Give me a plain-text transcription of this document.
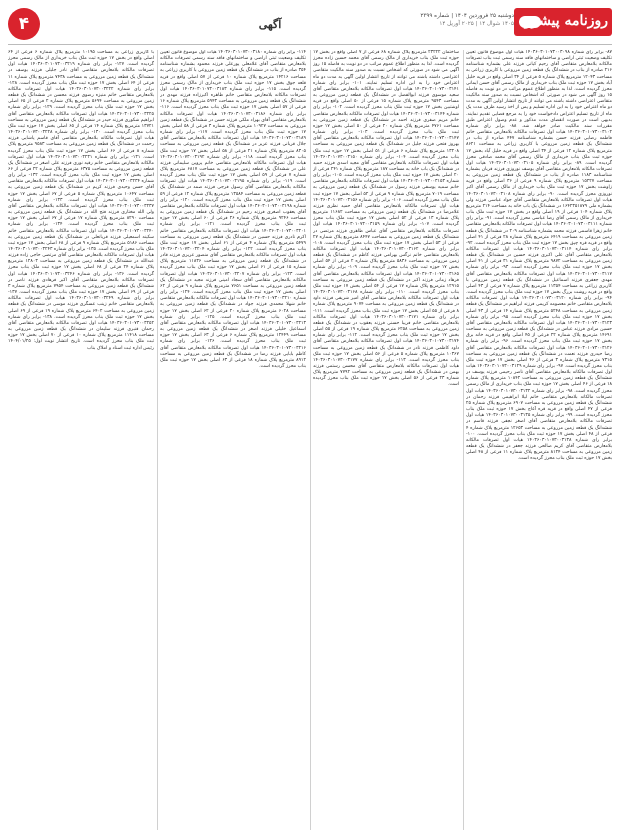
۴	آگهی
دوشنبه ۲۵ فروردین ۱۴۰۴ | شماره ۲۳۹۹
۱۴۰۵ شوال ۱۴ | ۲۰۲۵ آوریل ۱۴ روزنامه پیشرو

۸۷- برابر رای شماره ۱۴۰۳۶۰۳۰۱۰۷۳۰۰۳۰۹۸ هیات اول موضوع قانون تعیین تکلیف وضعیت ثبتی اراضی و ساختمانهای فاقد سند رسمی ثبت بناب تصرفات مالکانه بلامعارض متقاضی آقای رحیم کیانی فرزند علی بشماره شناسنامه ۲۱۶ صادره از بناب در ششدانگ یک قطعه زمین مزروعی با کاربری زراعی به مساحت ۱۲۰۴۳ مترمربع پلاک شماره ۵ فرعی از ۳۴ اصلی واقع در قریه خلیل آباد بخش ۱۷ حوزه ثبت ملک بناب خریداری از مالک رسمی آقای حسن ایمانی محرز گردیده است. لذا به منظور اطلاع عموم مراتب در دو نوبت به فاصله ۱۵ روز آگهی می شود در صورتی که اشخاص نسبت به صدور سند مالکیت متقاضی اعتراضی داشته باشند می توانند از تاریخ انتشار اولین آگهی به مدت دو ماه اعتراض خود را به این اداره تسلیم و پس از اخذ رسید ظرف مدت یک ماه از تاریخ تسلیم اعتراض دادخواست خود را به مرجع قضایی تقدیم نمایند. بدیهی است در صورت انقضای مدت مذکور و عدم وصول اعتراض طبق مقررات سند مالکیت صادر خواهد شد. ۸۸- برابر رای شماره ۱۴۰۳۶۰۳۰۱۰۷۳۰۰۳۱۰۲ هیات اول تصرفات مالکانه بلامعارض متقاضی خانم فاطمه رضایی فرزند حسن بشماره شناسنامه ۴۴۷ صادره از بناب در ششدانگ یک قطعه زمین مزروعی با کاربری زراعی به مساحت ۸۶۲۱ مترمربع پلاک شماره ۱۲ فرعی از ۳۴ اصلی واقع در قریه خلیل آباد بخش ۱۷ حوزه ثبت ملک بناب خریداری از مالک رسمی آقای محمد صادقی محرز گردیده است. ۸۹- برابر رای شماره ۱۴۰۳۶۰۳۰۱۰۷۳۰۰۳۱۰۵ هیات اول تصرفات مالکانه بلامعارض متقاضی آقای یوسف نوروزی فرزند قربان بشماره شناسنامه ۱۱۸۳ صادره از بناب در ششدانگ یک قطعه زمین مزروعی به مساحت ۱۵۲۲۷ مترمربع پلاک شماره ۹ فرعی از ۳۶ اصلی واقع در قریه زاوشت بخش ۱۷ حوزه ثبت ملک بناب خریداری از مالک رسمی آقای اکبر نوروزی محرز گردیده است. ۹۰- برابر رای شماره ۱۴۰۳۶۰۳۰۱۰۷۳۰۰۳۱۰۸ هیات اول تصرفات مالکانه بلامعارض متقاضی آقای جواد عباسی فرزند ولی بشماره ملی ۱۶۴۲۳۵۱۸۷۹ در ششدانگ یک باب خانه به مساحت ۲۱۴ مترمربع پلاک شماره ۱۰۴ فرعی از ۱۹ اصلی واقع در بخش ۱۷ حوزه ثبت ملک بناب خریداری از مالک رسمی آقای رضا عباسی محرز گردیده است. ۹۱- برابر رای شماره ۱۴۰۳۶۰۳۰۱۰۷۳۰۰۳۱۱۱ هیات اول تصرفات مالکانه بلامعارض متقاضی خانم زهرا قاسمی فرزند محمد بشماره شناسنامه ۲۰۹ در ششدانگ یک قطعه زمین مزروعی به مساحت ۶۴۱۹ مترمربع پلاک شماره ۲۸ فرعی از ۴۱ اصلی واقع در قریه قره چپق بخش ۱۷ حوزه ثبت ملک بناب محرز گردیده است. ۹۲- برابر رای شماره ۱۴۰۳۶۰۳۰۱۰۷۳۰۰۳۱۱۴ هیات اول تصرفات مالکانه بلامعارض متقاضی آقای علی اکبری فرزند حسین در ششدانگ یک قطعه زمین مزروعی به مساحت ۹۸۷۲ مترمربع پلاک شماره ۳۱ فرعی از ۴۱ اصلی بخش ۱۷ حوزه ثبت ملک بناب محرز گردیده است. ۹۳- برابر رای شماره ۱۴۰۳۶۰۳۰۱۰۷۳۰۰۳۱۱۷ هیات اول تصرفات مالکانه بلامعارض متقاضی آقای مهدی جعفری فرزند اسماعیل در ششدانگ یک قطعه زمین مزروعی با کاربری زراعی به مساحت ۱۱۳۵۴ مترمربع پلاک شماره ۷ فرعی از ۴۳ اصلی واقع در قریه روشت بزرگ بخش ۱۷ حوزه ثبت ملک بناب محرز گردیده است. ۹۴- برابر رای شماره ۱۴۰۳۶۰۳۰۱۰۷۳۰۰۳۱۲۰ هیات اول تصرفات مالکانه بلامعارض متقاضی خانم معصومه کریمی فرزند ابراهیم در ششدانگ یک قطعه زمین مزروعی به مساحت ۵۲۴۸ مترمربع پلاک شماره ۱۴ فرعی از ۴۳ اصلی بخش ۱۷ حوزه ثبت ملک بناب محرز گردیده است. ۹۵- برابر رای شماره ۱۴۰۳۶۰۳۰۱۰۷۳۰۰۳۱۲۳ هیات اول تصرفات مالکانه بلامعارض متقاضی آقای حسین مرادی فرزند عباس در ششدانگ یک قطعه زمین مزروعی به مساحت ۱۴۶۹۱ مترمربع پلاک شماره ۲۲ فرعی از ۴۵ اصلی واقع در قریه خانه برق بخش ۱۷ حوزه ثبت ملک بناب محرز گردیده است. ۹۶- برابر رای شماره ۱۴۰۳۶۰۳۰۱۰۷۳۰۰۳۱۲۶ هیات اول تصرفات مالکانه بلامعارض متقاضی آقای رضا حیدری فرزند نعمت در ششدانگ یک قطعه زمین مزروعی به مساحت ۷۳۱۵ مترمربع پلاک شماره ۳ فرعی از ۴۶ اصلی بخش ۱۷ حوزه ثبت ملک بناب محرز گردیده است. ۹۷- برابر رای شماره ۱۴۰۳۶۰۳۰۱۰۷۳۰۰۳۱۲۹ هیات اول تصرفات مالکانه بلامعارض متقاضی آقای ناصر رحیمی فرزند یوسف در ششدانگ یک قطعه زمین مزروعی به مساحت ۱۰۸۴۲ مترمربع پلاک شماره ۱۸ فرعی از ۴۶ اصلی بخش ۱۷ حوزه ثبت ملک بناب خریداری از مالک رسمی محرز گردیده است. ۹۸- برابر رای شماره ۱۴۰۳۶۰۳۰۱۰۷۳۰۰۳۱۳۲ هیات اول تصرفات مالکانه بلامعارض متقاضی خانم لیلا ابراهیمی فرزند رحمان در ششدانگ یک قطعه زمین مزروعی به مساحت ۶۹۰۷ مترمربع پلاک شماره ۲۵ فرعی از ۴۷ اصلی واقع در قریه قره آغاج بخش ۱۷ حوزه ثبت ملک بناب محرز گردیده است. ۹۹- برابر رای شماره ۱۴۰۳۶۰۳۰۱۰۷۳۰۰۳۱۳۵ هیات اول تصرفات مالکانه بلامعارض متقاضی آقای اصغر نجفی فرزند قاسم در ششدانگ یک قطعه زمین مزروعی به مساحت ۱۲۶۵۳ مترمربع پلاک شماره ۴ فرعی از ۴۸ اصلی بخش ۱۷ حوزه ثبت ملک بناب محرز گردیده است. ۱۰۰- برابر رای شماره ۱۴۰۳۶۰۳۰۱۰۷۳۰۰۳۱۳۸ هیات اول تصرفات مالکانه بلامعارض متقاضی آقای کریم صالحی فرزند جعفر در ششدانگ یک قطعه زمین مزروعی به مساحت ۸۱۲۴ مترمربع پلاک شماره ۱۱ فرعی از ۴۸ اصلی بخش ۱۷ حوزه ثبت ملک بناب محرز گردیده است.

ساختمان ۲۳۲۲۲ مترمربع پلاک شماره ۶۸ فرعی از ۷ اصلی واقع در بخش ۱۷ حوزه ثبت ملک بناب خریداری از مالک رسمی آقای محمد حسین زاده محرز گردیده است. لذا به منظور اطلاع عموم مراتب در دو نوبت به فاصله ۱۵ روز آگهی می شود در صورتی که اشخاص نسبت به صدور سند مالکیت متقاضی اعتراضی داشته باشند می توانند از تاریخ انتشار اولین آگهی به مدت دو ماه اعتراض خود را به این اداره تسلیم نمایند. ۱۰۱- برابر رای شماره ۱۴۰۳۶۰۳۰۱۰۷۳۰۰۳۱۴۱ هیات اول تصرفات مالکانه بلامعارض متقاضی آقای سعید موسوی فرزند ابوالفضل در ششدانگ یک قطعه زمین مزروعی به مساحت ۹۵۴۳ مترمربع پلاک شماره ۱۵ فرعی از ۵۰ اصلی واقع در قریه اوشتبین بخش ۱۷ حوزه ثبت ملک بناب محرز گردیده است. ۱۰۲- برابر رای شماره ۱۴۰۳۶۰۳۰۱۰۷۳۰۰۳۱۴۴ هیات اول تصرفات مالکانه بلامعارض متقاضی خانم مریم صفری فرزند احمد در ششدانگ یک قطعه زمین مزروعی به مساحت ۴۷۶۱ مترمربع پلاک شماره ۲۰ فرعی از ۵۰ اصلی بخش ۱۷ حوزه ثبت ملک بناب محرز گردیده است. ۱۰۳- برابر رای شماره ۱۴۰۳۶۰۳۰۱۰۷۳۰۰۳۱۴۷ هیات اول تصرفات مالکانه بلامعارض متقاضی آقای بهروز فتحی فرزند جلیل در ششدانگ یک قطعه زمین مزروعی به مساحت ۱۳۲۰۸ مترمربع پلاک شماره ۶ فرعی از ۵۱ اصلی بخش ۱۷ حوزه ثبت ملک بناب محرز گردیده است. ۱۰۴- برابر رای شماره ۱۴۰۳۶۰۳۰۱۰۷۳۰۰۳۱۵۰ هیات اول تصرفات مالکانه بلامعارض متقاضی آقای مجید اسدی فرزند حمید در ششدانگ یک باب خانه به مساحت ۱۸۷ مترمربع پلاک شماره ۲۴۱ فرعی از ۲۰ اصلی بخش ۱۷ حوزه ثبت ملک بناب محرز گردیده است. ۱۰۵- برابر رای شماره ۱۴۰۳۶۰۳۰۱۰۷۳۰۰۳۱۵۳ هیات اول تصرفات مالکانه بلامعارض متقاضی خانم سمیه یوسفی فرزند رسول در ششدانگ یک قطعه زمین مزروعی به مساحت ۷۰۱۹ مترمربع پلاک شماره ۹ فرعی از ۵۲ اصلی بخش ۱۷ حوزه ثبت ملک بناب محرز گردیده است. ۱۰۶- برابر رای شماره ۱۴۰۳۶۰۳۰۱۰۷۳۰۰۳۱۵۶ هیات اول تصرفات مالکانه بلامعارض متقاضی آقای حمید نظری فرزند غلامرضا در ششدانگ یک قطعه زمین مزروعی به مساحت ۱۱۶۸۲ مترمربع پلاک شماره ۱۳ فرعی از ۵۲ اصلی بخش ۱۷ حوزه ثبت ملک بناب محرز گردیده است. ۱۰۷- برابر رای شماره ۱۴۰۳۶۰۳۰۱۰۷۳۰۰۳۱۵۹ هیات اول تصرفات مالکانه بلامعارض متقاضی آقای عباس طاهری فرزند مرتضی در ششدانگ یک قطعه زمین مزروعی به مساحت ۸۴۴۷ مترمربع پلاک شماره ۲۷ فرعی از ۵۳ اصلی بخش ۱۷ حوزه ثبت ملک بناب محرز گردیده است. ۱۰۸- برابر رای شماره ۱۴۰۳۶۰۳۰۱۰۷۳۰۰۳۱۶۲ هیات اول تصرفات مالکانه بلامعارض متقاضی خانم نرگس بهرامی فرزند کاظم در ششدانگ یک قطعه زمین مزروعی به مساحت ۵۸۳۶ مترمربع پلاک شماره ۲ فرعی از ۵۴ اصلی بخش ۱۷ حوزه ثبت ملک بناب محرز گردیده است. ۱۰۹- برابر رای شماره ۱۴۰۳۶۰۳۰۱۰۷۳۰۰۳۱۶۵ هیات اول تصرفات مالکانه بلامعارض متقاضی آقای فرهاد زمانی فرزند اکبر در ششدانگ یک قطعه زمین مزروعی به مساحت ۱۲۹۱۵ مترمربع پلاک شماره ۱۷ فرعی از ۵۴ اصلی بخش ۱۷ حوزه ثبت ملک بناب محرز گردیده است. ۱۱۰- برابر رای شماره ۱۴۰۳۶۰۳۰۱۰۷۳۰۰۳۱۶۸ هیات اول تصرفات مالکانه بلامعارض متقاضی آقای امیر شریفی فرزند داود در ششدانگ یک قطعه زمین مزروعی به مساحت ۹۰۷۴ مترمربع پلاک شماره ۸ فرعی از ۵۵ اصلی بخش ۱۷ حوزه ثبت ملک بناب محرز گردیده است. ۱۱۱- برابر رای شماره ۱۴۰۳۶۰۳۰۱۰۷۳۰۰۳۱۷۱ هیات اول تصرفات مالکانه بلامعارض متقاضی خانم فریبا حسنی فرزند یعقوب در ششدانگ یک قطعه زمین مزروعی به مساحت ۶۲۵۸ مترمربع پلاک شماره ۱۹ فرعی از ۵۵ اصلی بخش ۱۷ حوزه ثبت ملک بناب محرز گردیده است. ۱۱۲- برابر رای شماره ۱۴۰۳۶۰۳۰۱۰۷۳۰۰۳۱۷۴ هیات اول تصرفات مالکانه بلامعارض متقاضی آقای داود کاظمی فرزند نادر در ششدانگ یک قطعه زمین مزروعی به مساحت ۱۰۳۶۷ مترمربع پلاک شماره ۵ فرعی از ۵۶ اصلی بخش ۱۷ حوزه ثبت ملک بناب محرز گردیده است. ۱۱۳- برابر رای شماره ۱۴۰۳۶۰۳۰۱۰۷۳۰۰۳۱۷۷ هیات اول تصرفات مالکانه بلامعارض متقاضی آقای محسن رستمی فرزند بهمن در ششدانگ یک قطعه زمین مزروعی به مساحت ۷۷۹۲ مترمربع پلاک شماره ۲۳ فرعی از ۵۶ اصلی بخش ۱۷ حوزه ثبت ملک بناب محرز گردیده است.

۱۱۴- برابر رای شماره ۱۴۰۳۶۰۳۰۱۰۷۳۰۰۳۱۸۰ هیات اول موضوع قانون تعیین تکلیف وضعیت ثبتی اراضی و ساختمانهای فاقد سند رسمی تصرفات مالکانه بلامعارض متقاضی آقای غلامعلی پورعلی فرزند محمود بشماره شناسنامه ۳۵۴ صادره از بناب در ششدانگ یک قطعه زمین مزروعی با کاربری زراعی به مساحت ۱۴۲۱۶ مترمربع پلاک شماره ۱۰ فرعی از ۵۷ اصلی واقع در قریه قلعه جوق بخش ۱۷ حوزه ثبت ملک بناب خریداری از مالک رسمی محرز گردیده است. ۱۱۵- برابر رای شماره ۱۴۰۳۶۰۳۰۱۰۷۳۰۰۳۱۸۳ هیات اول تصرفات مالکانه بلامعارض متقاضی خانم طاهره اکبرزاده فرزند مهدی در ششدانگ یک قطعه زمین مزروعی به مساحت ۵۹۴۳ مترمربع پلاک شماره ۱۶ فرعی از ۵۷ اصلی بخش ۱۷ حوزه ثبت ملک بناب محرز گردیده است. ۱۱۶- برابر رای شماره ۱۴۰۳۶۰۳۰۱۰۷۳۰۰۳۱۸۶ هیات اول تصرفات مالکانه بلامعارض متقاضی آقای بهزاد ملکی فرزند حسن در ششدانگ یک قطعه زمین مزروعی به مساحت ۱۰۹۲۷ مترمربع پلاک شماره ۳ فرعی از ۵۸ اصلی بخش ۱۷ حوزه ثبت ملک بناب محرز گردیده است. ۱۱۷- برابر رای شماره ۱۴۰۳۶۰۳۰۱۰۷۳۰۰۳۱۸۹ هیات اول تصرفات مالکانه بلامعارض متقاضی آقای جلال قربانی فرزند عزیز در ششدانگ یک قطعه زمین مزروعی به مساحت ۸۳۰۵ مترمربع پلاک شماره ۲۱ فرعی از ۵۸ اصلی بخش ۱۷ حوزه ثبت ملک بناب محرز گردیده است. ۱۱۸- برابر رای شماره ۱۴۰۳۶۰۳۰۱۰۷۳۰۰۳۱۹۲ هیات اول تصرفات مالکانه بلامعارض متقاضی خانم پروین سلیمانی فرزند علی در ششدانگ یک قطعه زمین مزروعی به مساحت ۶۸۱۷ مترمربع پلاک شماره ۷ فرعی از ۵۹ اصلی بخش ۱۷ حوزه ثبت ملک بناب محرز گردیده است. ۱۱۹- برابر رای شماره ۱۴۰۳۶۰۳۰۱۰۷۳۰۰۳۱۹۵ هیات اول تصرفات مالکانه بلامعارض متقاضی آقای رسول فرجی فرزند صمد در ششدانگ یک قطعه زمین مزروعی به مساحت ۱۳۵۸۴ مترمربع پلاک شماره ۱۲ فرعی از ۵۹ اصلی بخش ۱۷ حوزه ثبت ملک بناب محرز گردیده است. ۱۲۰- برابر رای شماره ۱۴۰۳۶۰۳۰۱۰۷۳۰۰۳۱۹۸ هیات اول تصرفات مالکانه بلامعارض متقاضی آقای یعقوب اصغری فرزند رحیم در ششدانگ یک قطعه زمین مزروعی به مساحت ۹۲۴۶ مترمربع پلاک شماره ۲۶ فرعی از ۶۰ اصلی بخش ۱۷ حوزه ثبت ملک بناب محرز گردیده است. ۱۲۱- برابر رای شماره ۱۴۰۳۶۰۳۰۱۰۷۳۰۰۳۲۰۱ هیات اول تصرفات مالکانه بلامعارض متقاضی خانم اکرم نادری فرزند حسین در ششدانگ یک قطعه زمین مزروعی به مساحت ۵۴۷۹ مترمربع پلاک شماره ۴ فرعی از ۶۱ اصلی بخش ۱۷ حوزه ثبت ملک بناب محرز گردیده است. ۱۲۲- برابر رای شماره ۱۴۰۳۶۰۳۰۱۰۷۳۰۰۳۲۰۴ هیات اول تصرفات مالکانه بلامعارض متقاضی آقای منصور عزیزی فرزند قادر در ششدانگ یک قطعه زمین مزروعی به مساحت ۱۱۸۳۶ مترمربع پلاک شماره ۱۵ فرعی از ۶۱ اصلی بخش ۱۷ حوزه ثبت ملک بناب محرز گردیده است. ۱۲۳- برابر رای شماره ۱۴۰۳۶۰۳۰۱۰۷۳۰۰۳۲۰۷ هیات اول تصرفات مالکانه بلامعارض متقاضی آقای سجاد امینی فرزند مجید در ششدانگ یک قطعه زمین مزروعی به مساحت ۷۶۵۱ مترمربع پلاک شماره ۹ فرعی از ۶۲ اصلی بخش ۱۷ حوزه ثبت ملک بناب محرز گردیده است. ۱۲۴- برابر رای شماره ۱۴۰۳۶۰۳۰۱۰۷۳۰۰۳۲۱۰ هیات اول تصرفات مالکانه بلامعارض متقاضی خانم شهلا محمدی فرزند جواد در ششدانگ یک قطعه زمین مزروعی به مساحت ۶۰۲۸ مترمربع پلاک شماره ۲۰ فرعی از ۶۲ اصلی بخش ۱۷ حوزه ثبت ملک بناب محرز گردیده است. ۱۲۵- برابر رای شماره ۱۴۰۳۶۰۳۰۱۰۷۳۰۰۳۲۱۳ هیات اول تصرفات مالکانه بلامعارض متقاضی آقای اسماعیل خلیلی فرزند اصغر در ششدانگ یک قطعه زمین مزروعی به مساحت ۱۲۴۴۹ مترمربع پلاک شماره ۶ فرعی از ۶۳ اصلی بخش ۱۷ حوزه ثبت ملک بناب محرز گردیده است. ۱۲۶- برابر رای شماره ۱۴۰۳۶۰۳۰۱۰۷۳۰۰۳۲۱۶ هیات اول تصرفات مالکانه بلامعارض متقاضی آقای کاظم بابایی فرزند رضا در ششدانگ یک قطعه زمین مزروعی به مساحت ۸۹۱۲ مترمربع پلاک شماره ۱۸ فرعی از ۶۳ اصلی بخش ۱۷ حوزه ثبت ملک بناب محرز گردیده است.

با کاربری زراعی به مساحت ۱۰۱۹۵ مترمربع پلاک شماره ۶ فرعی از ۶۴ اصلی واقع در بخش ۱۷ حوزه ثبت ملک بناب خریداری از مالک رسمی محرز گردیده است. ۱۲۷- برابر رای شماره ۱۴۰۳۶۰۳۰۱۰۷۳۰۰۳۲۱۹ هیات اول تصرفات مالکانه بلامعارض متقاضی آقای نادر جلیلی فرزند یوسف در ششدانگ یک قطعه زمین مزروعی به مساحت ۷۴۳۸ مترمربع پلاک شماره ۱۱ فرعی از ۶۴ اصلی بخش ۱۷ حوزه ثبت ملک بناب محرز گردیده است. ۱۲۸- برابر رای شماره ۱۴۰۳۶۰۳۰۱۰۷۳۰۰۳۲۲۲ هیات اول تصرفات مالکانه بلامعارض متقاضی خانم منیژه رضوی فرزند محسن در ششدانگ یک قطعه زمین مزروعی به مساحت ۵۶۹۴ مترمربع پلاک شماره ۲ فرعی از ۶۵ اصلی بخش ۱۷ حوزه ثبت ملک بناب محرز گردیده است. ۱۲۹- برابر رای شماره ۱۴۰۳۶۰۳۰۱۰۷۳۰۰۳۲۲۵ هیات اول تصرفات مالکانه بلامعارض متقاضی آقای ابراهیم شکوری فرزند حیدر در ششدانگ یک قطعه زمین مزروعی به مساحت ۱۳۷۲۱ مترمربع پلاک شماره ۱۴ فرعی از ۶۵ اصلی بخش ۱۷ حوزه ثبت ملک بناب محرز گردیده است. ۱۳۰- برابر رای شماره ۱۴۰۳۶۰۳۰۱۰۷۳۰۰۳۲۲۸ هیات اول تصرفات مالکانه بلامعارض متقاضی آقای قاسم پاشایی فرزند رحمت در ششدانگ یک قطعه زمین مزروعی به مساحت ۹۵۸۳ مترمربع پلاک شماره ۸ فرعی از ۶۶ اصلی بخش ۱۷ حوزه ثبت ملک بناب محرز گردیده است. ۱۳۱- برابر رای شماره ۱۴۰۳۶۰۳۰۱۰۷۳۰۰۳۲۳۱ هیات اول تصرفات مالکانه بلامعارض متقاضی خانم رقیه نوری فرزند علی اصغر در ششدانگ یک قطعه زمین مزروعی به مساحت ۶۳۷۵ مترمربع پلاک شماره ۲۲ فرعی از ۶۶ اصلی بخش ۱۷ حوزه ثبت ملک بناب محرز گردیده است. ۱۳۲- برابر رای شماره ۱۴۰۳۶۰۳۰۱۰۷۳۰۰۳۲۳۴ هیات اول تصرفات مالکانه بلامعارض متقاضی آقای حسن وحیدی فرزند کریم در ششدانگ یک قطعه زمین مزروعی به مساحت ۱۰۶۴۷ مترمربع پلاک شماره ۵ فرعی از ۶۷ اصلی بخش ۱۷ حوزه ثبت ملک بناب محرز گردیده است. ۱۳۳- برابر رای شماره ۱۴۰۳۶۰۳۰۱۰۷۳۰۰۳۲۳۷ هیات اول تصرفات مالکانه بلامعارض متقاضی آقای ولی الله مختاری فرزند فتح الله در ششدانگ یک قطعه زمین مزروعی به مساحت ۸۲۹۰ مترمربع پلاک شماره ۱۷ فرعی از ۶۷ اصلی بخش ۱۷ حوزه ثبت ملک بناب محرز گردیده است. ۱۳۴- برابر رای شماره ۱۴۰۳۶۰۳۰۱۰۷۳۰۰۳۲۴۰ هیات اول تصرفات مالکانه بلامعارض متقاضی خانم سکینه اسمعیلی فرزند قربانعلی در ششدانگ یک قطعه زمین مزروعی به مساحت ۵۱۸۶ مترمربع پلاک شماره ۹ فرعی از ۶۸ اصلی بخش ۱۷ حوزه ثبت ملک بناب محرز گردیده است. ۱۳۵- برابر رای شماره ۱۴۰۳۶۰۳۰۱۰۷۳۰۰۳۲۴۳ هیات اول تصرفات مالکانه بلامعارض متقاضی آقای مرتضی حاجی زاده فرزند عبدالله در ششدانگ یک قطعه زمین مزروعی به مساحت ۱۲۸۰۳ مترمربع پلاک شماره ۲۴ فرعی از ۶۸ اصلی بخش ۱۷ حوزه ثبت ملک بناب محرز گردیده است. ۱۳۶- برابر رای شماره ۱۴۰۳۶۰۳۰۱۰۷۳۰۰۳۲۴۶ هیات اول تصرفات مالکانه بلامعارض متقاضی آقای اکبر فرهادی فرزند ناصر در ششدانگ یک قطعه زمین مزروعی به مساحت ۷۹۵۴ مترمربع پلاک شماره ۳ فرعی از ۶۹ اصلی بخش ۱۷ حوزه ثبت ملک بناب محرز گردیده است. ۱۳۷- برابر رای شماره ۱۴۰۳۶۰۳۰۱۰۷۳۰۰۳۲۴۹ هیات اول تصرفات مالکانه بلامعارض متقاضی خانم زینب عسگری فرزند موسی در ششدانگ یک قطعه زمین مزروعی به مساحت ۶۴۰۲ مترمربع پلاک شماره ۱۹ فرعی از ۶۹ اصلی بخش ۱۷ حوزه ثبت ملک بناب محرز گردیده است. ۱۳۸- برابر رای شماره ۱۴۰۳۶۰۳۰۱۰۷۳۰۰۳۲۵۲ هیات اول تصرفات مالکانه بلامعارض متقاضی آقای رحمان قنبری فرزند سلیمان در ششدانگ یک قطعه زمین مزروعی به مساحت ۱۱۴۱۸ مترمربع پلاک شماره ۱۰ فرعی از ۷۰ اصلی بخش ۱۷ حوزه ثبت ملک بناب محرز گردیده است. تاریخ انتشار نوبت اول: ۱۴۰۴/۰۱/۲۵ رئیس اداره ثبت اسناد و املاک بناب
